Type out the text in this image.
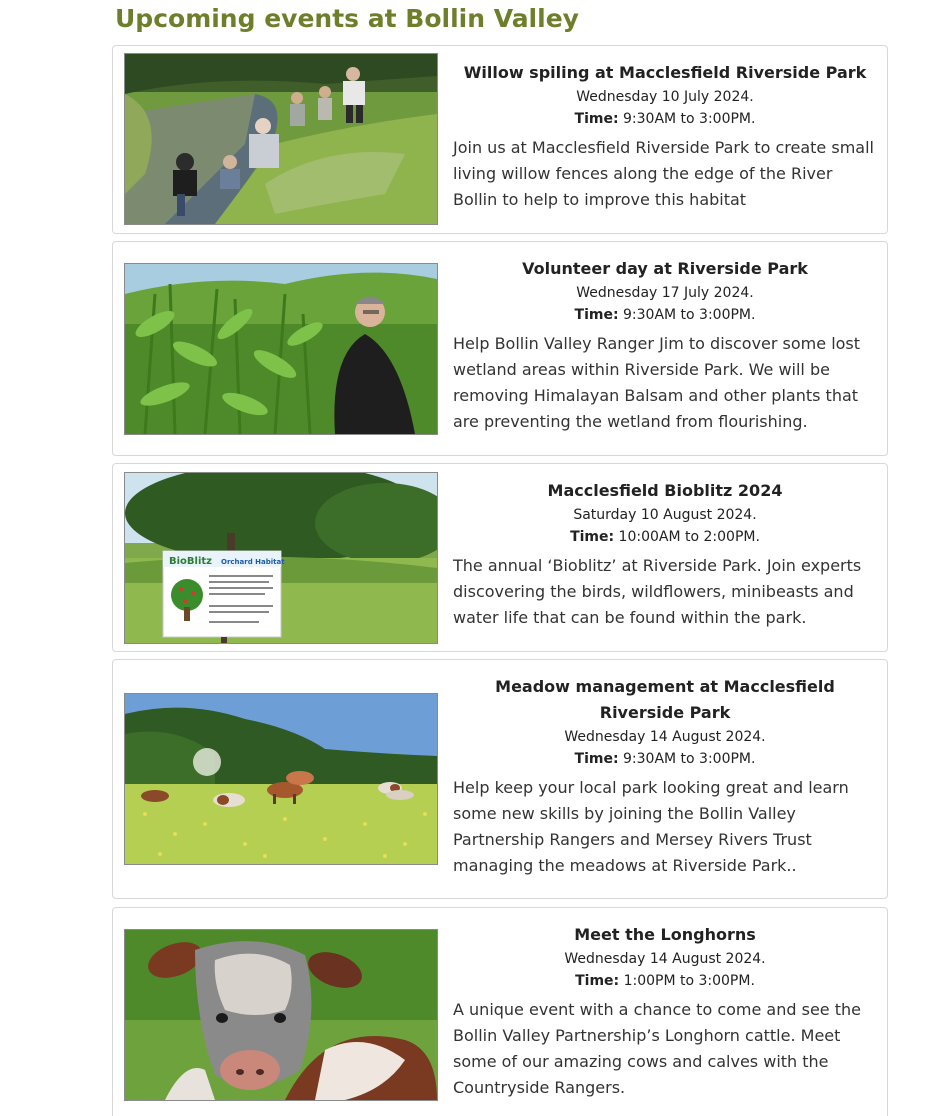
Upcoming events at Bollin Valley
Willow spiling at Macclesfield Riverside Park
Wednesday 10 July 2024.
Time: 9:30AM to 3:00PM.

Join us at Macclesfield Riverside Park to create small living willow fences along the edge of the River Bollin to help to improve this habitat

Volunteer day at Riverside Park
Wednesday 17 July 2024.
Time: 9:30AM to 3:00PM.

Help Bollin Valley Ranger Jim to discover some lost wetland areas within Riverside Park. We will be removing Himalayan Balsam and other plants that are preventing the wetland from flourishing.

BioBlitz Orchard Habitat
Macclesfield Bioblitz 2024
Saturday 10 August 2024.
Time: 10:00AM to 2:00PM.

The annual ‘Bioblitz’ at Riverside Park. Join experts discovering the birds, wildflowers, minibeasts and water life that can be found within the park.

Meadow management at Macclesfield Riverside Park
Wednesday 14 August 2024.
Time: 9:30AM to 3:00PM.

Help keep your local park looking great and learn some new skills by joining the Bollin Valley Partnership Rangers and Mersey Rivers Trust managing the meadows at Riverside Park..

Meet the Longhorns
Wednesday 14 August 2024.
Time: 1:00PM to 3:00PM.

A unique event with a chance to come and see the Bollin Valley Partnership’s Longhorn cattle. Meet some of our amazing cows and calves with the Countryside Rangers.
